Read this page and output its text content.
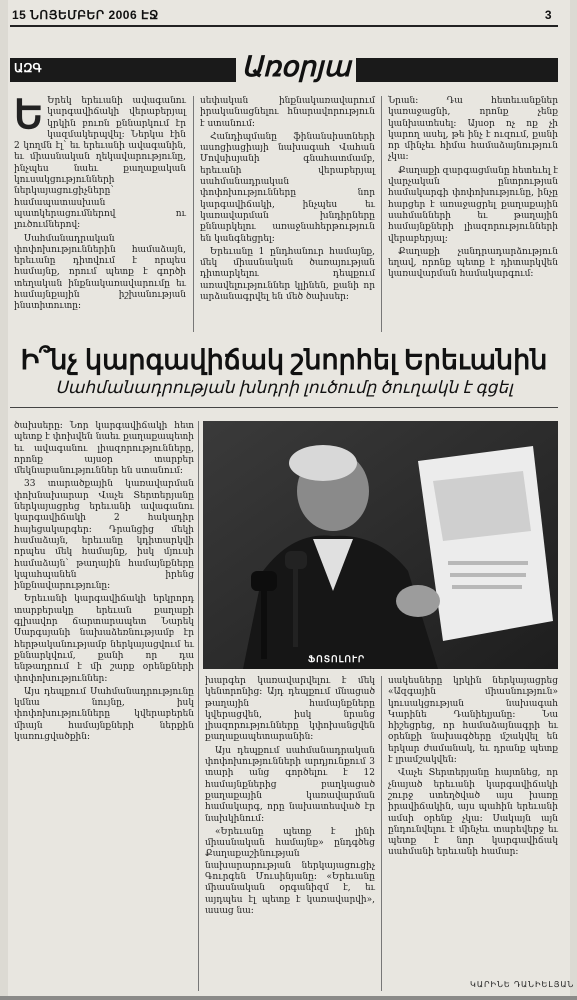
15 ՆՈՅԵՄԲԵՐ 2006 ԷՋ	3
ԱԶԳ	Առօրյա

Ե Երեկ երեւանի ավագանու կարգավիճակի վերաբերյալ կրկին բուռն քննարկում էր կազմակերպվել: Ներկա էին 2 կողմն էլ՝ եւ երեւանի ավագանին, եւ միասնական ղեկավարությունը, ինչպես նաեւ քաղաքական կուսակցությունների ներկայացուցիչները՝ համապատասխան պատկերացումներով ու լուծումներով:

Սահմանադրական փոփոխություններին համաձայն, երեւանը դիտվում է որպես համայնք, որում պետք է գործի տեղական ինքնակառավարումը եւ համայնքային իշխանության ինստիտուտը:

սեփական ինքնակառավարում իրականացնելու հնարավորություն է ստանում:

Հանդիպմանը ֆինանսիստների ասոցիացիայի նախագահ Վահան Մովսիսյանի գնահատմամբ, երեւանի վերաբերյալ սահմանադրական փոփոխությունները նոր կարգավիճակի, ինչպես եւ կառավարման խնդիրները քննարկելու առաջնահերթություն են կանգնեցրել:

Երեւանը 1 ընդհանուր համայնք, մեկ միասնական ծառայության դիտարկելու դեպքում առավելություններ կլինեն, քանի որ արձանագրվել են մեծ ծախսեր:

Նրան: Դա հետեւանքներ կառաջացնի, որոնք չենք կանխատեսել: Այսօր ոչ ոք չի կարող ասել, թե ինչ է ուզում, քանի որ մինչեւ հիմա համաձայնություն չկա:

Քաղաքի զարգացմանը հետեւել է վարչական ընտրության համակարգի փոփոխությունը, ինչը հարցեր է առաջացրել քաղաքային սահմանների եւ թաղային համայնքների լիազորությունների վերաբերյալ:

Քաղաքի չանդրադարձություն եղավ, որոնք պետք է դիտարկվեն կառավարման համակարգում:

Ի՞նչ կարգավիճակ շնորհել Երեւանին
Սահմանադրության խնդրի լուծումը ծուղակն է գցել
ՖՈՏՈԼՈՒՐ

ծախսերը: Նոր կարգավիճակի հետ պետք է փոխվեն նաեւ քաղաքապետի եւ ավագանու լիազորությունները, որոնք այսօր տարբեր մեկնաբանություններ են ստանում:

33 տարածքային կառավարման փոխնախարար Վաչե Տերտերյանը ներկայացրեց երեւանի ավագանու կարգավիճակի 2 հակադիր հայեցակարգեր: Դրանցից մեկի համաձայն, երեւանը կդիտարկվի որպես մեկ համայնք, իսկ մյուսի համաձայն՝ թաղային համայնքները կպահպանեն իրենց ինքնավարությունը:

Երեւանի կարգավիճակի երկրորդ տարբերակը երեւան քաղաքի գլխավոր ճարտարապետ Նարեկ Սարգսյանի նախաձեռնությամբ էր հերթականությամբ ներկայացվում եւ քննարկվում, քանի որ դա ենթադրում է մի շարք օրենքների փոփոխություններ:

Այս դեպքում Սահմանադրությունը կմնա նույնը, իսկ փոփոխությունները կվերաբերեն միայն համայնքների ներքին կառուցվածքին:

խարգեր կառավարվելու է մեկ կենտրոնից: Այդ դեպքում մնացած թաղային համայնքները կվերացվեն, իսկ նրանց լիազորությունները կփոխանցվեն քաղաքապետարանին:

Այս դեպքում սահմանադրական փոփոխությունների արդյունքում 3 տարի անց գործելու է 12 համայնքներից բաղկացած քաղաքային կառավարման համակարգ, որը նախատեսված էր նախկինում:

«Երեւանը պետք է լինի միասնական համայնք» ընդգծեց Քաղաքաշինության նախարարության ներկայացուցիչ Գուրգեն Մուսինյանը: «Երեւանը միասնական օրգանիզմ է, եւ այդպես էլ պետք է կառավարվի», ասաց նա:

սակեսները կրկին ներկայացրեց «Ազգային միասնություն» կուսակցության նախագահ Կարինե Դանիելյանը: Նա հիշեցրեց, որ համաձայնագրի եւ օրենքի նախագծերը մշակվել են երկար ժամանակ, եւ դրանք պետք է լրամշակվեն:

Վաչե Տերտերյանը հայտնեց, որ չնայած երեւանի կարգավիճակի շուրջ ստեղծված այս խառը իրավիճակին, այս պահին երեւանի ամսի օրենք չկա: Սակայն այն ընդունվելու է մինչեւ տարեվերջ եւ պետք է նոր կարգավիճակ սահմանի երեւանի համար:

ԿԱՐԻՆԵ ԴԱՆԻԵԼՅԱՆ
